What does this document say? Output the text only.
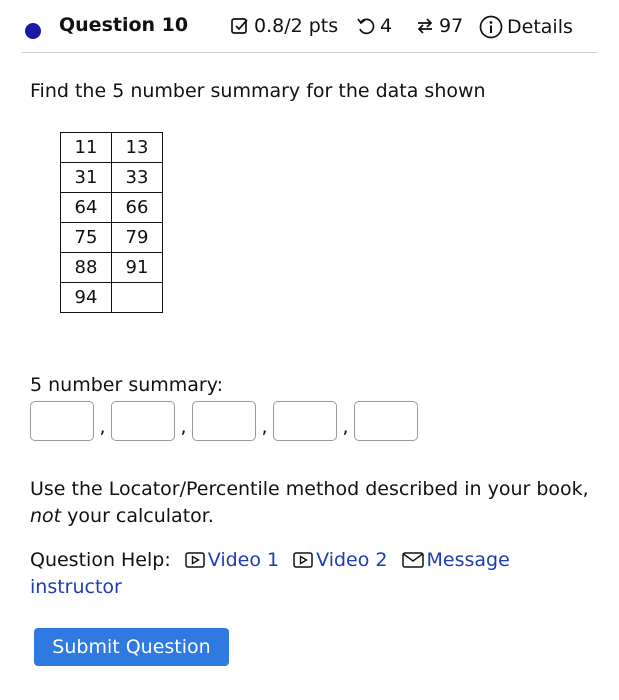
Question 10	0.8/2 pts 4 97 Details
Find the 5 number summary for the data shown
11	13
31	33
64	66
75	79
88	91
94	
5 number summary:
,	,	,	,
Use the Locator/Percentile method described in your book, not your calculator.
Question Help: Video 1 Video 2 Message instructor
Submit Question
